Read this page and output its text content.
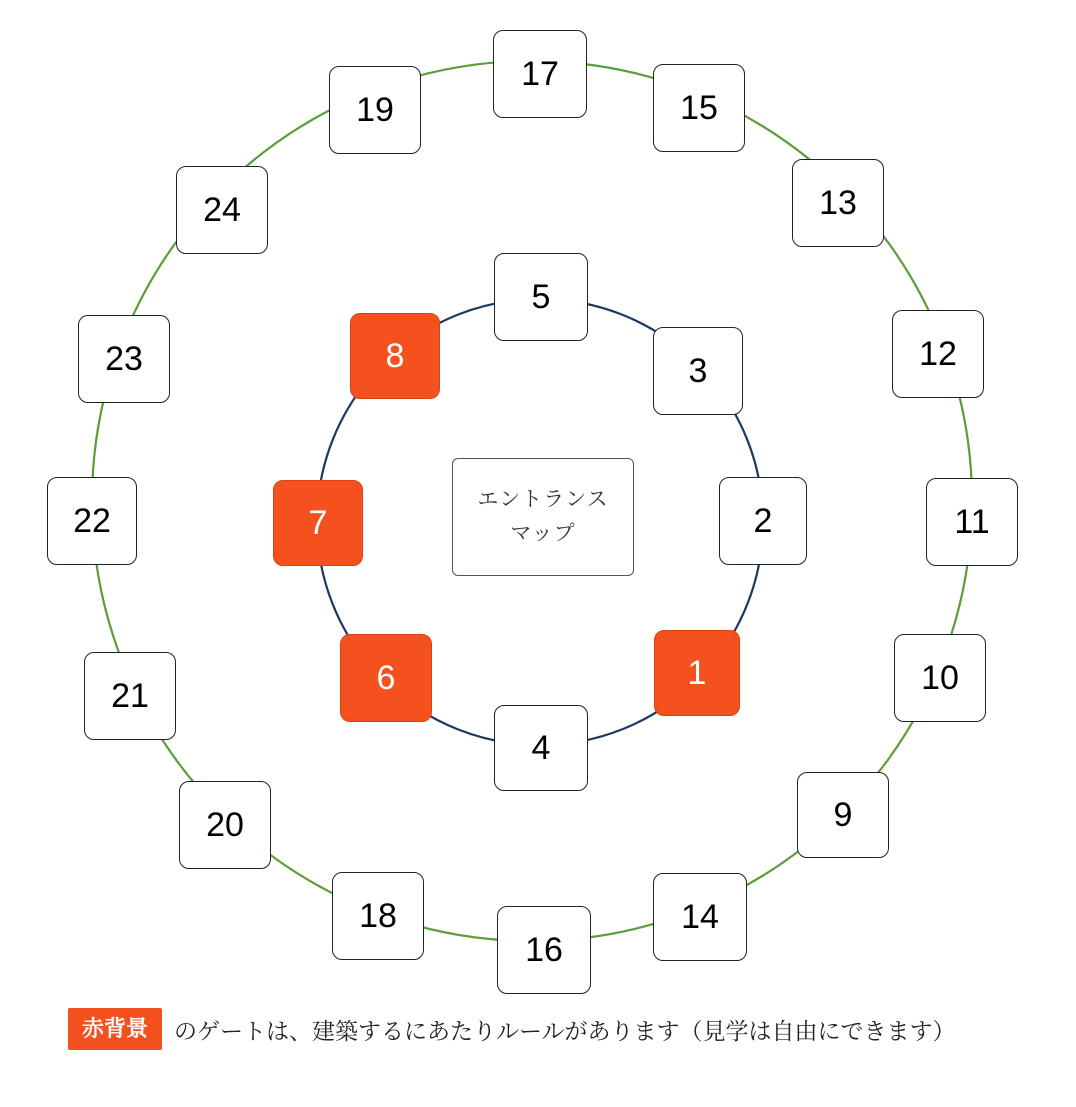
エントランス
マップ
1
2
3
5
8
7
6
4
9
10
11
12
13
15
17
19
24
23
22
21
20
18
16
14
赤背景	のゲートは、建築するにあたりルールがあります（見学は自由にできます）
